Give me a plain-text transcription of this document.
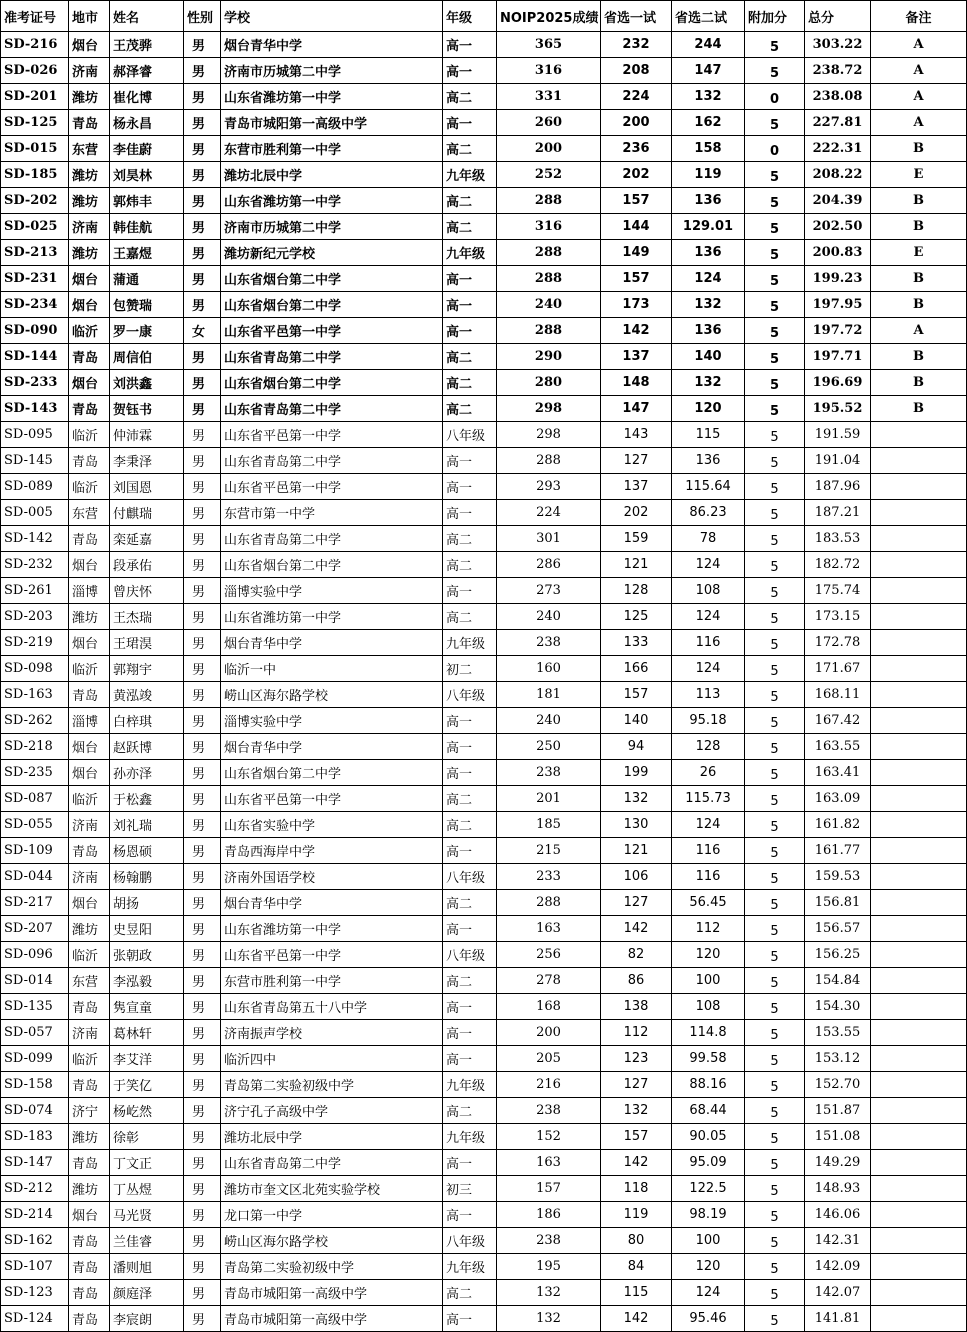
准考证号	地市	姓名	性别	学校	年级	NOIP2025成绩	省选一试	省选二试	附加分	总分	备注
SD-216	烟台	王茂骅	男	烟台青华中学	高一	365	232	244	5	303.22	A
SD-026	济南	郝泽睿	男	济南市历城第二中学	高一	316	208	147	5	238.72	A
SD-201	潍坊	崔化博	男	山东省潍坊第一中学	高二	331	224	132	0	238.08	A
SD-125	青岛	杨永昌	男	青岛市城阳第一高级中学	高一	260	200	162	5	227.81	A
SD-015	东营	李佳蔚	男	东营市胜利第一中学	高二	200	236	158	0	222.31	B
SD-185	潍坊	刘昊林	男	潍坊北辰中学	九年级	252	202	119	5	208.22	E
SD-202	潍坊	郭炜丰	男	山东省潍坊第一中学	高二	288	157	136	5	204.39	B
SD-025	济南	韩佳航	男	济南市历城第二中学	高二	316	144	129.01	5	202.50	B
SD-213	潍坊	王嘉煜	男	潍坊新纪元学校	九年级	288	149	136	5	200.83	E
SD-231	烟台	蒲通	男	山东省烟台第二中学	高一	288	157	124	5	199.23	B
SD-234	烟台	包赞瑞	男	山东省烟台第二中学	高一	240	173	132	5	197.95	B
SD-090	临沂	罗一康	女	山东省平邑第一中学	高一	288	142	136	5	197.72	A
SD-144	青岛	周信伯	男	山东省青岛第二中学	高二	290	137	140	5	197.71	B
SD-233	烟台	刘洪鑫	男	山东省烟台第二中学	高二	280	148	132	5	196.69	B
SD-143	青岛	贺钰书	男	山东省青岛第二中学	高二	298	147	120	5	195.52	B
SD-095	临沂	仲沛霖	男	山东省平邑第一中学	八年级	298	143	115	5	191.59	
SD-145	青岛	李秉泽	男	山东省青岛第二中学	高一	288	127	136	5	191.04	
SD-089	临沂	刘国恩	男	山东省平邑第一中学	高一	293	137	115.64	5	187.96	
SD-005	东营	付麒瑞	男	东营市第一中学	高一	224	202	86.23	5	187.21	
SD-142	青岛	栾延嘉	男	山东省青岛第二中学	高二	301	159	78	5	183.53	
SD-232	烟台	段承佑	男	山东省烟台第二中学	高二	286	121	124	5	182.72	
SD-261	淄博	曾庆怀	男	淄博实验中学	高一	273	128	108	5	175.74	
SD-203	潍坊	王杰瑞	男	山东省潍坊第一中学	高二	240	125	124	5	173.15	
SD-219	烟台	王珺淏	男	烟台青华中学	九年级	238	133	116	5	172.78	
SD-098	临沂	郭翔宇	男	临沂一中	初二	160	166	124	5	171.67	
SD-163	青岛	黄泓竣	男	崂山区海尔路学校	八年级	181	157	113	5	168.11	
SD-262	淄博	白梓琪	男	淄博实验中学	高一	240	140	95.18	5	167.42	
SD-218	烟台	赵跃博	男	烟台青华中学	高一	250	94	128	5	163.55	
SD-235	烟台	孙亦泽	男	山东省烟台第二中学	高一	238	199	26	5	163.41	
SD-087	临沂	于松鑫	男	山东省平邑第一中学	高二	201	132	115.73	5	163.09	
SD-055	济南	刘礼瑞	男	山东省实验中学	高二	185	130	124	5	161.82	
SD-109	青岛	杨恩硕	男	青岛西海岸中学	高一	215	121	116	5	161.77	
SD-044	济南	杨翰鹏	男	济南外国语学校	八年级	233	106	116	5	159.53	
SD-217	烟台	胡扬	男	烟台青华中学	高二	288	127	56.45	5	156.81	
SD-207	潍坊	史昱阳	男	山东省潍坊第一中学	高一	163	142	112	5	156.57	
SD-096	临沂	张朝政	男	山东省平邑第一中学	八年级	256	82	120	5	156.25	
SD-014	东营	李泓毅	男	东营市胜利第一中学	高二	278	86	100	5	154.84	
SD-135	青岛	隽宣童	男	山东省青岛第五十八中学	高一	168	138	108	5	154.30	
SD-057	济南	葛林轩	男	济南振声学校	高一	200	112	114.8	5	153.55	
SD-099	临沂	李艾洋	男	临沂四中	高一	205	123	99.58	5	153.12	
SD-158	青岛	于笑亿	男	青岛第二实验初级中学	九年级	216	127	88.16	5	152.70	
SD-074	济宁	杨屹然	男	济宁孔子高级中学	高二	238	132	68.44	5	151.87	
SD-183	潍坊	徐彰	男	潍坊北辰中学	九年级	152	157	90.05	5	151.08	
SD-147	青岛	丁文正	男	山东省青岛第二中学	高一	163	142	95.09	5	149.29	
SD-212	潍坊	丁丛煜	男	潍坊市奎文区北苑实验学校	初三	157	118	122.5	5	148.93	
SD-214	烟台	马光贤	男	龙口第一中学	高一	186	119	98.19	5	146.06	
SD-162	青岛	兰佳睿	男	崂山区海尔路学校	八年级	238	80	100	5	142.31	
SD-107	青岛	潘则旭	男	青岛第二实验初级中学	九年级	195	84	120	5	142.09	
SD-123	青岛	颜庭泽	男	青岛市城阳第一高级中学	高二	132	115	124	5	142.07	
SD-124	青岛	李宸朗	男	青岛市城阳第一高级中学	高一	132	142	95.46	5	141.81	
